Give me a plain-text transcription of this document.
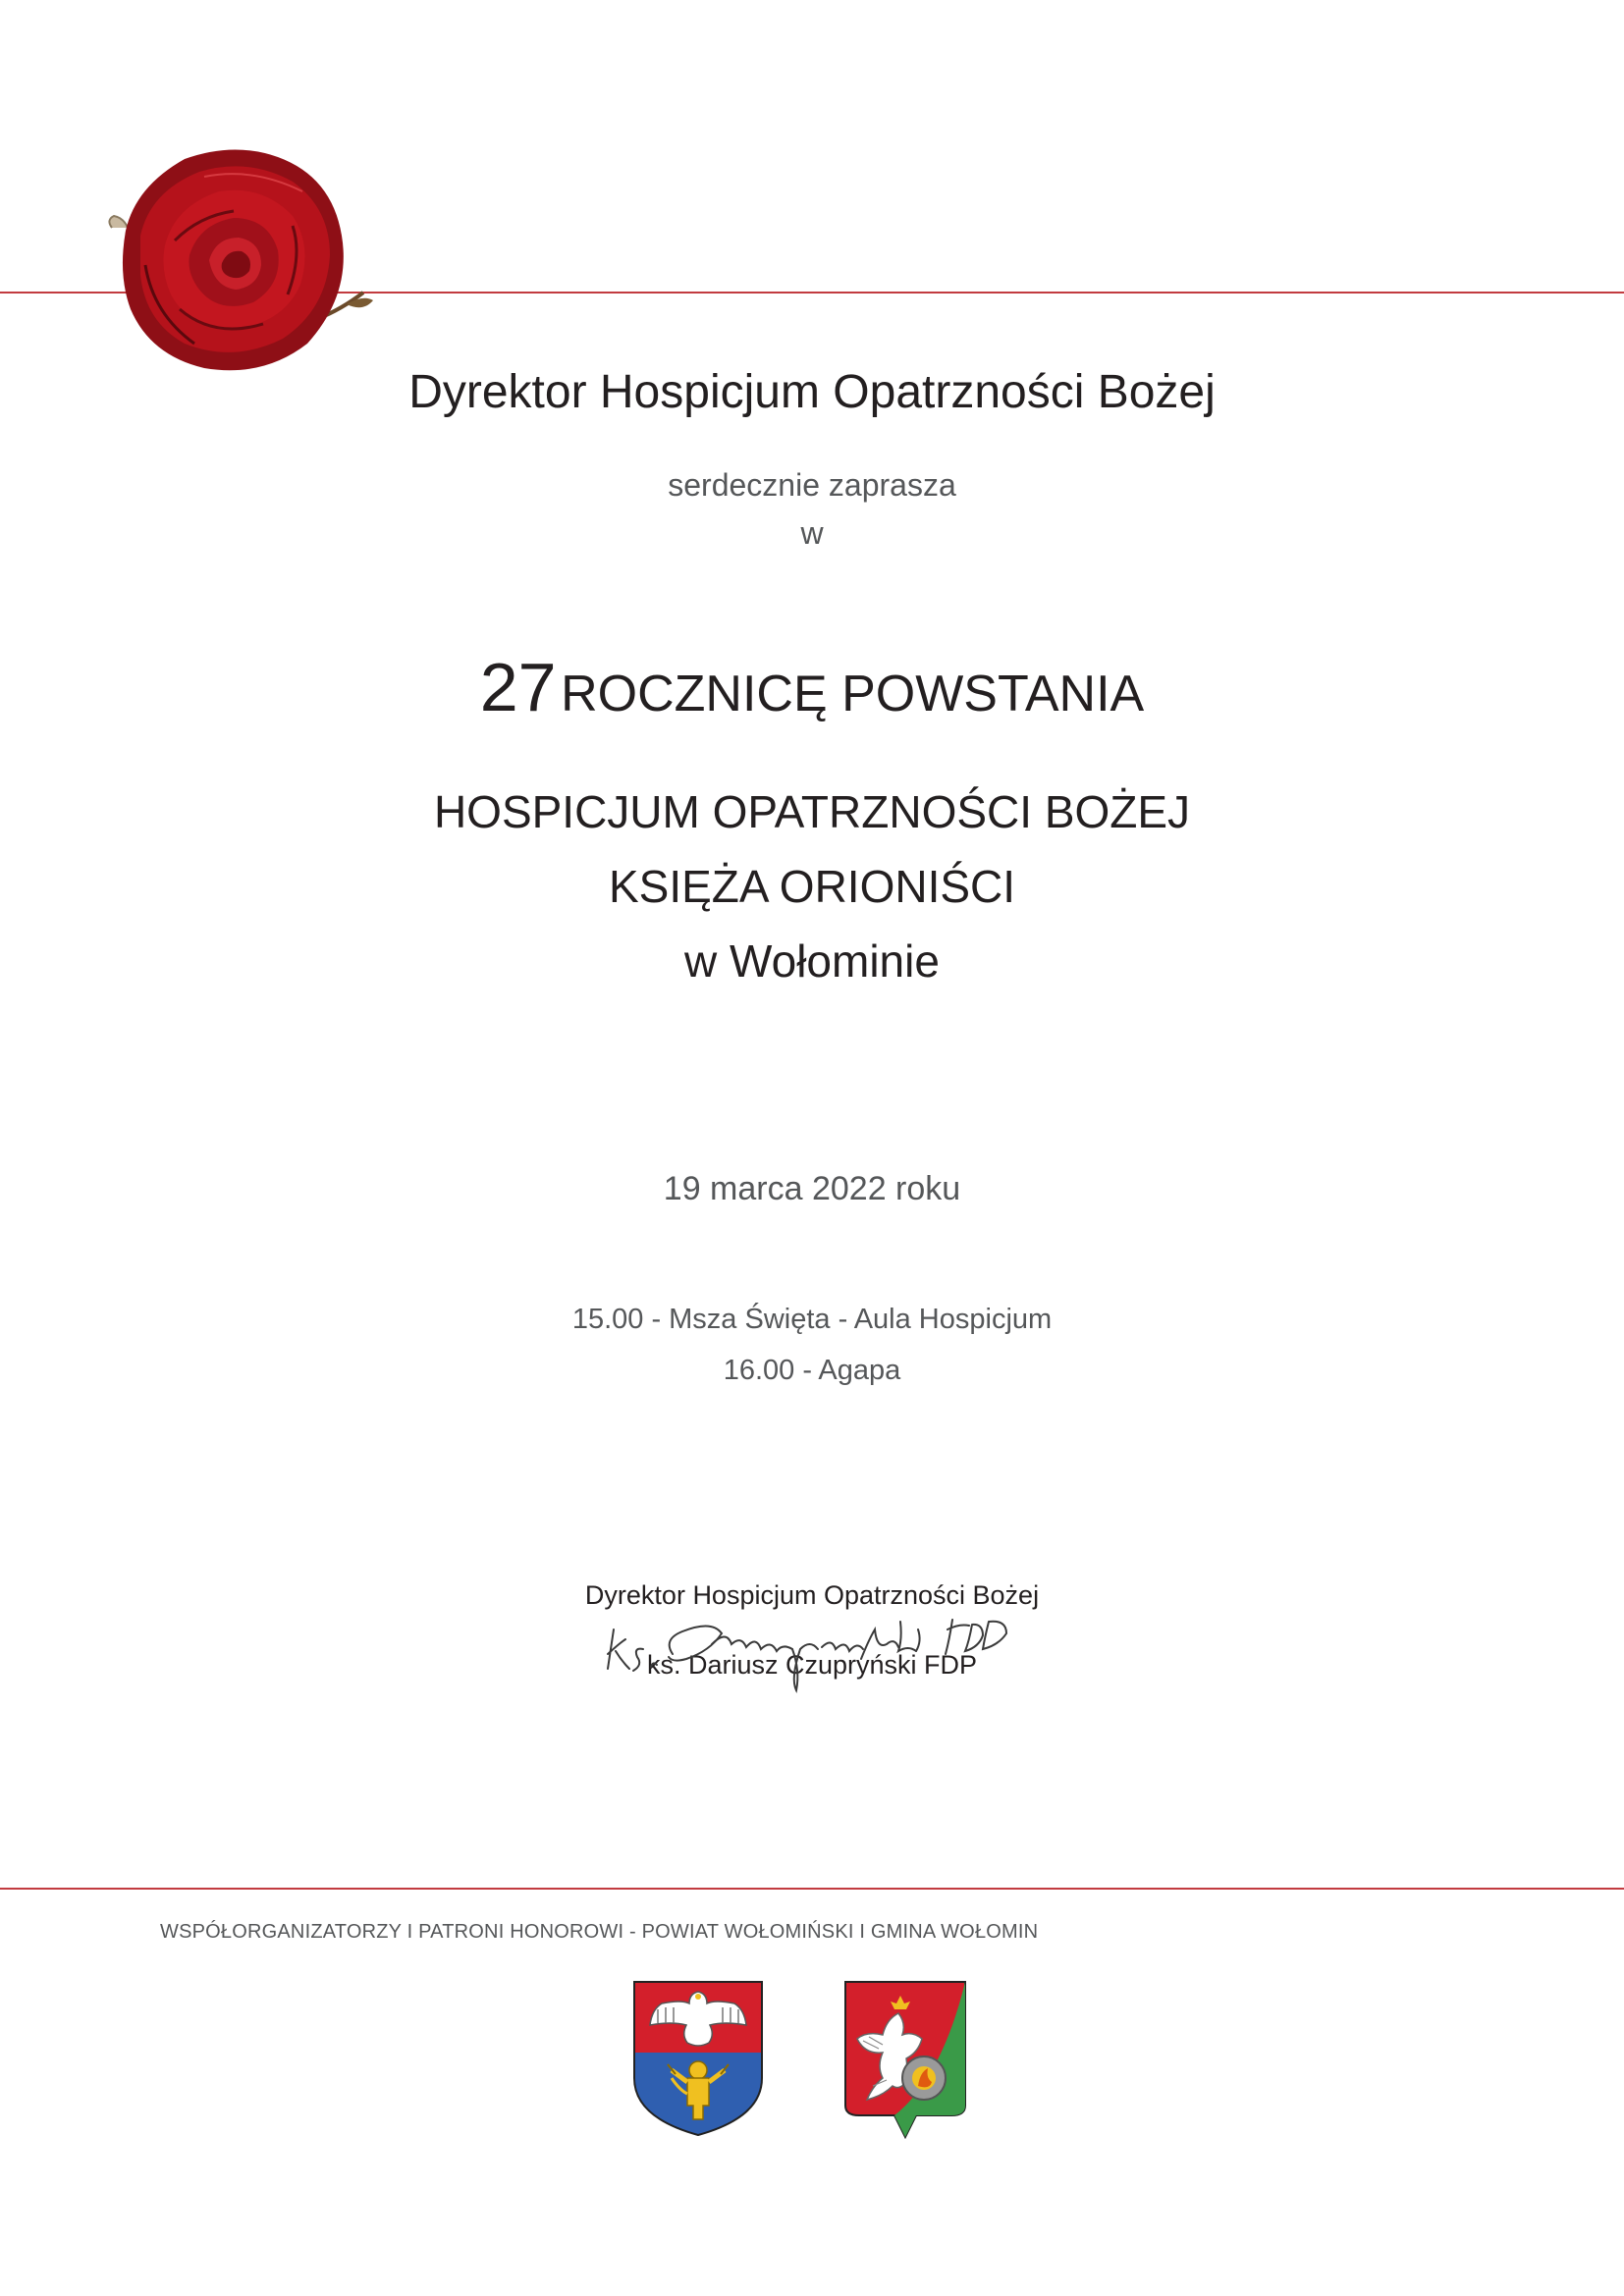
Dyrektor Hospicjum Opatrzności Bożej
serdecznie zaprasza
w
27 ROCZNICĘ POWSTANIA
HOSPICJUM OPATRZNOŚCI BOŻEJ
KSIĘŻA ORIONIŚCI
w Wołominie
19 marca 2022 roku
15.00 - Msza Święta - Aula Hospicjum
16.00 - Agapa
Dyrektor Hospicjum Opatrzności Bożej
ks. Dariusz Czupryński FDP
WSPÓŁORGANIZATORZY I PATRONI HONOROWI - POWIAT WOŁOMIŃSKI I GMINA WOŁOMIN
